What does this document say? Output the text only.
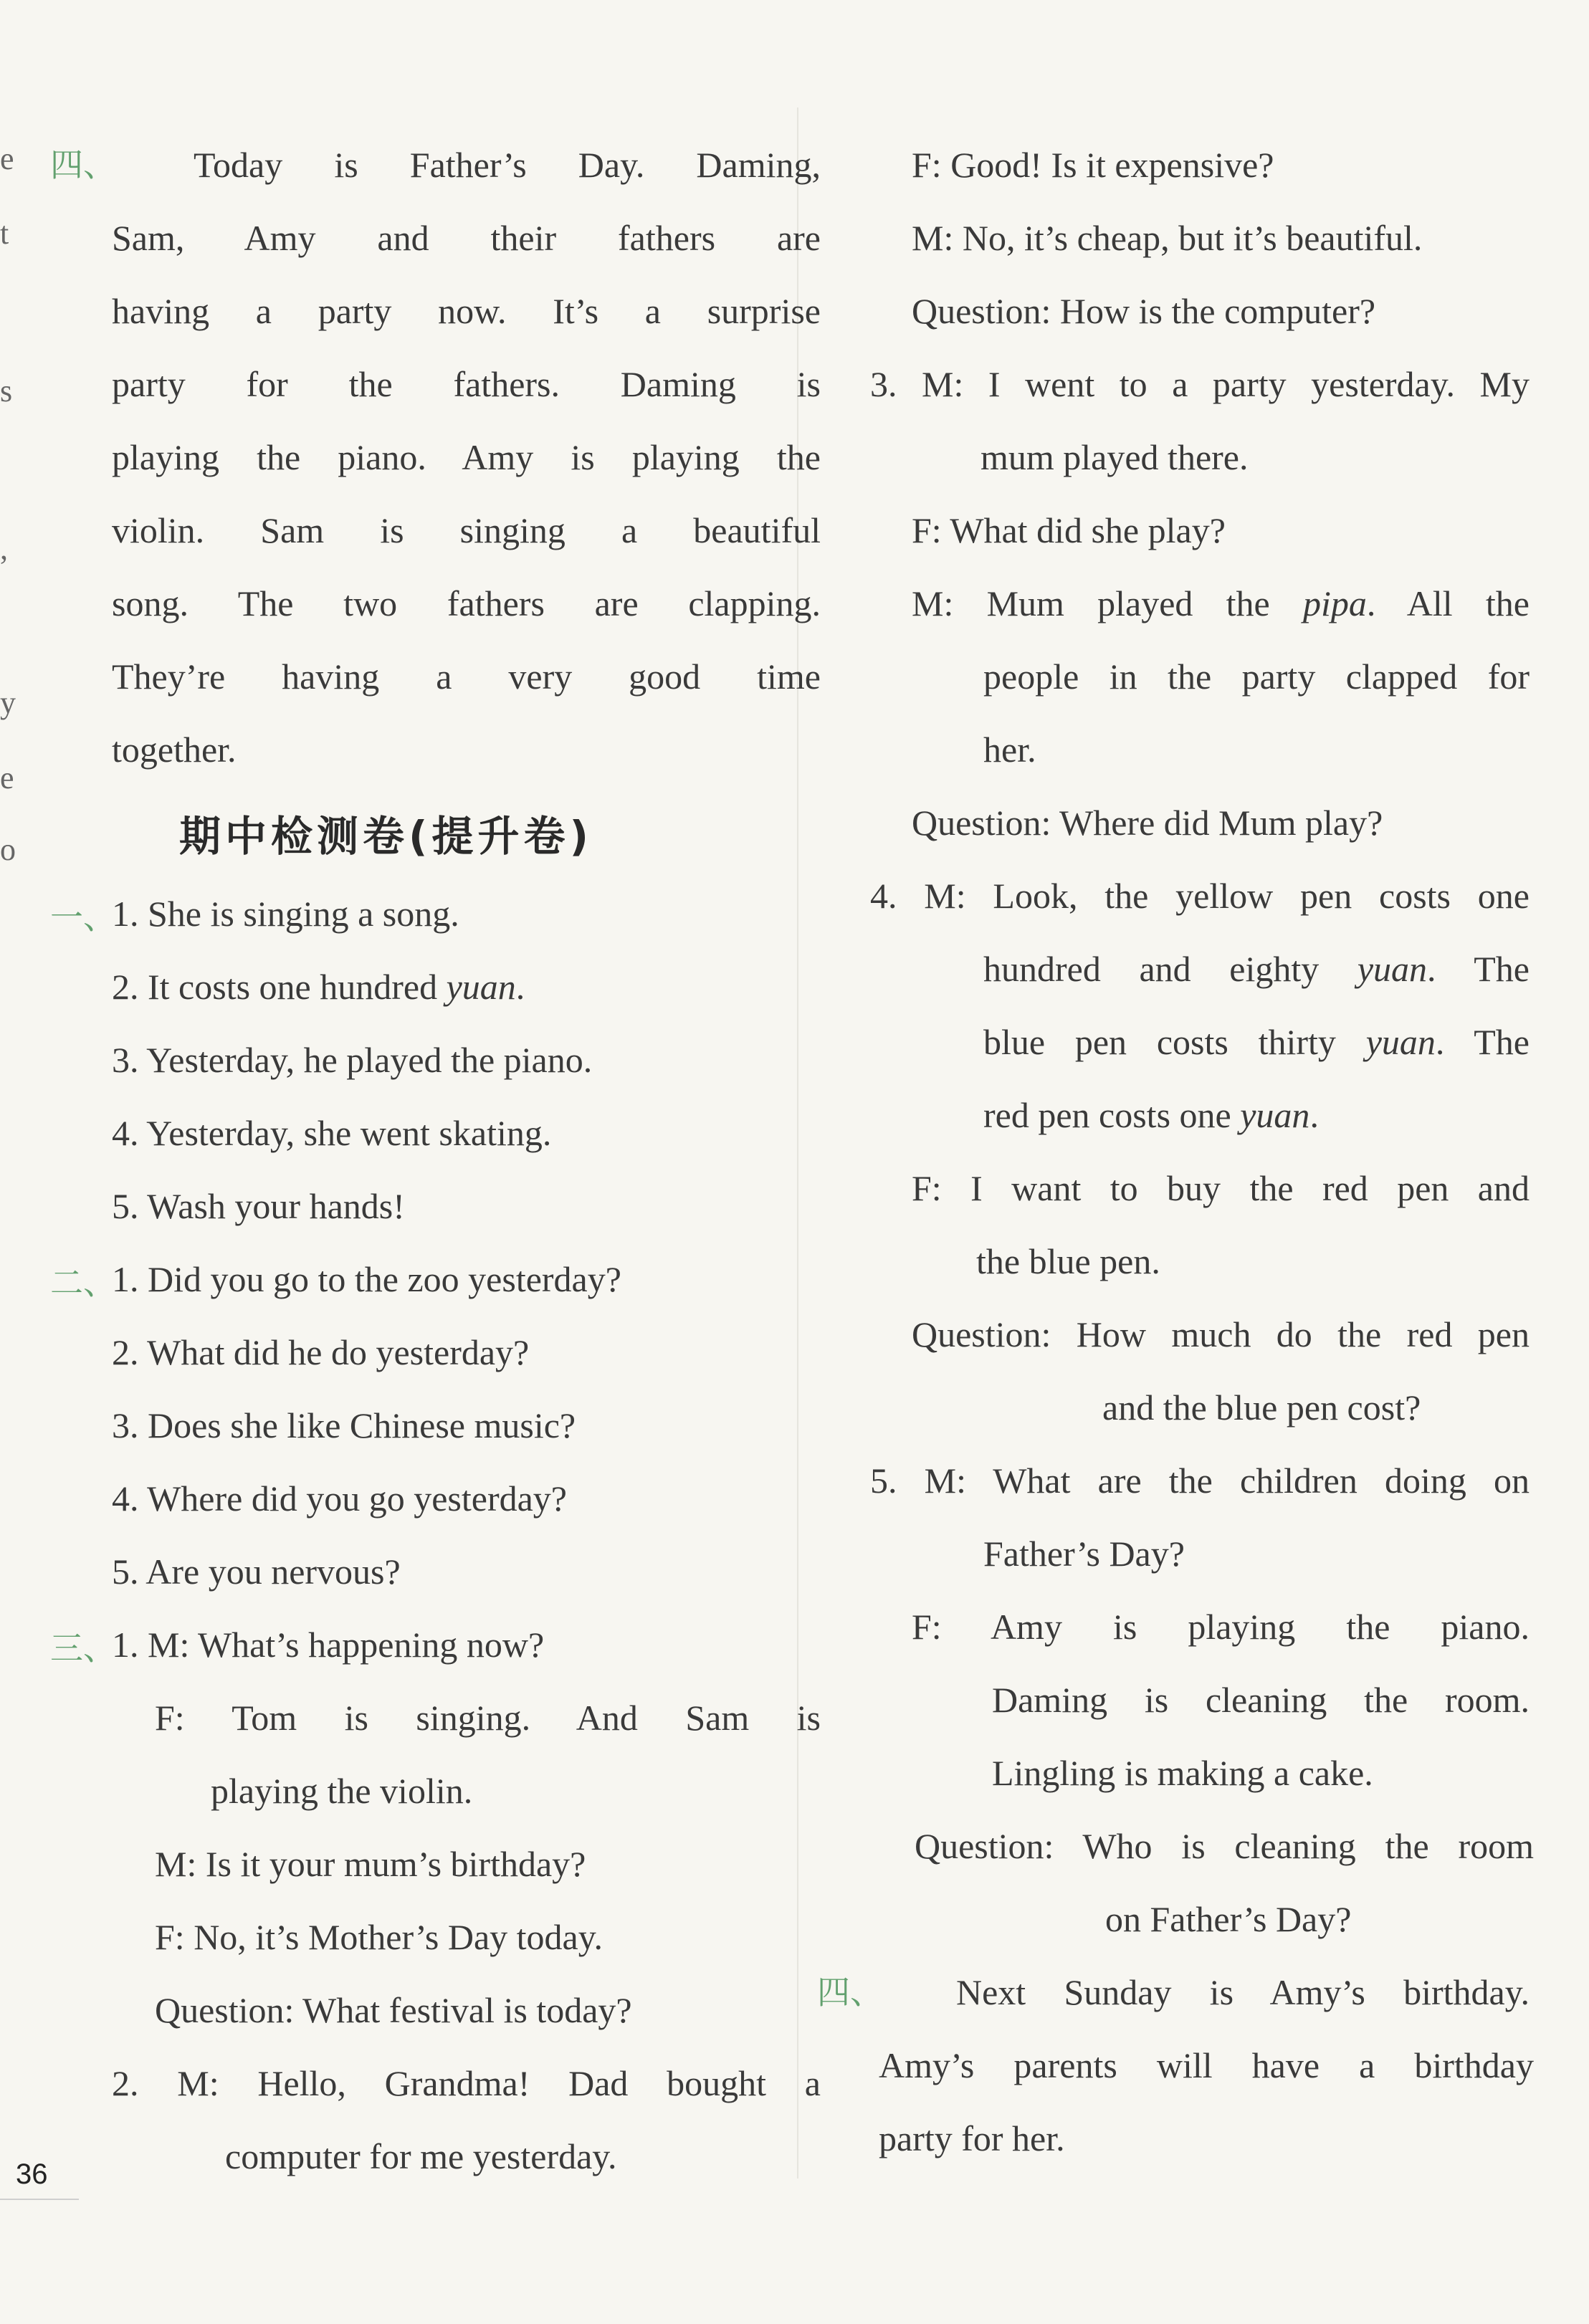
e
t
s
,
y
e
o
四、 Today is Father’s Day. Daming,
Sam, Amy and their fathers are
having a party now. It’s a surprise
party for the fathers. Daming is
playing the piano. Amy is playing the
violin. Sam is singing a beautiful
song. The two fathers are clapping.
They’re having a very good time
together.
期中检测卷(提升卷)
一、
1. She is singing a song.
2. It costs one hundred yuan.
3. Yesterday, he played the piano.
4. Yesterday, she went skating.
5. Wash your hands!
二、
1. Did you go to the zoo yesterday?
2. What did he do yesterday?
3. Does she like Chinese music?
4. Where did you go yesterday?
5. Are you nervous?
三、
1. M: What’s happening now?
F: Tom is singing. And Sam is
playing the violin.
M: Is it your mum’s birthday?
F: No, it’s Mother’s Day today.
Question: What festival is today?
2. M: Hello, Grandma! Dad bought a
computer for me yesterday.
F: Good! Is it expensive?
M: No, it’s cheap, but it’s beautiful.
Question: How is the computer?
3. M: I went to a party yesterday. My
mum played there.
F: What did she play?
M: Mum played the pipa. All the
people in the party clapped for
her.
Question: Where did Mum play?
4. M: Look, the yellow pen costs one
hundred and eighty yuan. The
blue pen costs thirty yuan. The
red pen costs one yuan.
F: I want to buy the red pen and
the blue pen.
Question: How much do the red pen
and the blue pen cost?
5. M: What are the children doing on
Father’s Day?
F: Amy is playing the piano.
Daming is cleaning the room.
Lingling is making a cake.
Question: Who is cleaning the room
on Father’s Day?
四、 Next Sunday is Amy’s birthday.
Amy’s parents will have a birthday
party for her.
36
